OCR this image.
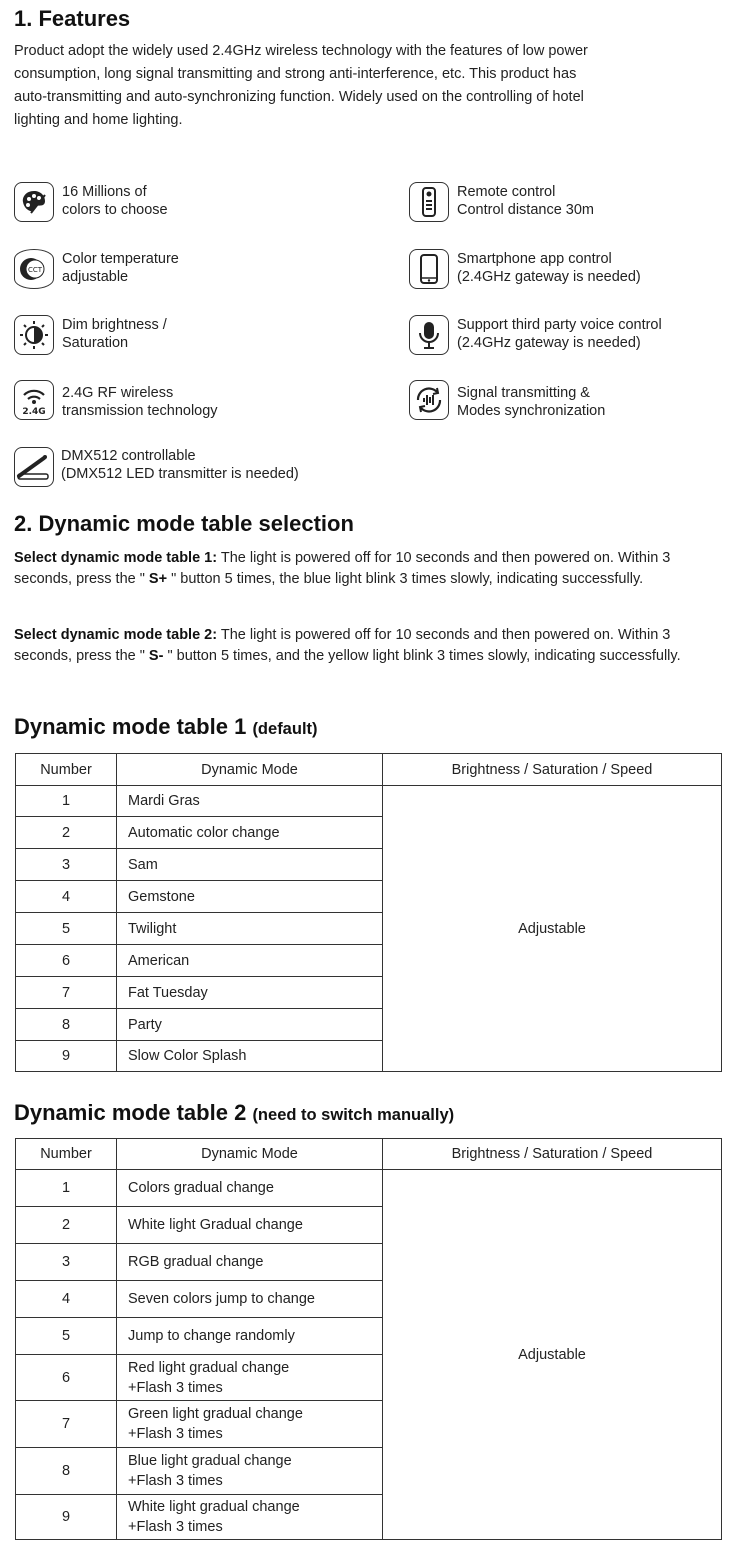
1. Features
Product adopt the widely used 2.4GHz wireless technology with the features of low power
consumption, long signal transmitting and strong anti-interference, etc. This product has
auto-transmitting and auto-synchronizing function. Widely used on the controlling of hotel
lighting and home lighting.
16 Millions of
colors to choose
Remote control
Control distance 30m
CCT
Color temperature
adjustable
Smartphone app control
(2.4GHz gateway is needed)
Dim brightness /
Saturation
Support third party voice control
(2.4GHz gateway is needed)
2.4G
2.4G RF wireless
transmission technology
Signal transmitting &
Modes synchronization
DMX512 controllable
(DMX512 LED transmitter is needed)
2. Dynamic mode table selection
Select dynamic mode table 1: The light is powered off for 10 seconds and then powered on. Within 3 seconds, press the " S+ " button 5 times, the blue light blink 3 times slowly, indicating successfully.
Select dynamic mode table 2: The light is powered off for 10 seconds and then powered on. Within 3 seconds, press the " S- " button 5 times, and the yellow light blink 3 times slowly, indicating successfully.
Dynamic mode table 1 (default)
Number	Dynamic Mode	Brightness / Saturation / Speed
1	Mardi Gras	Adjustable
2	Automatic color change	
3	Sam	
4	Gemstone	
5	Twilight	
6	American	
7	Fat Tuesday	
8	Party	
9	Slow Color Splash	
Dynamic mode table 2 (need to switch manually)
Number	Dynamic Mode	Brightness / Saturation / Speed
1	Colors gradual change	Adjustable
2	White light Gradual change	
3	RGB gradual change	
4	Seven colors jump to change	
5	Jump to change randomly	
6	Red light gradual change
+Flash 3 times	

7	Green light gradual change
+Flash 3 times	

8	Blue light gradual change
+Flash 3 times	

9	White light gradual change
+Flash 3 times	
